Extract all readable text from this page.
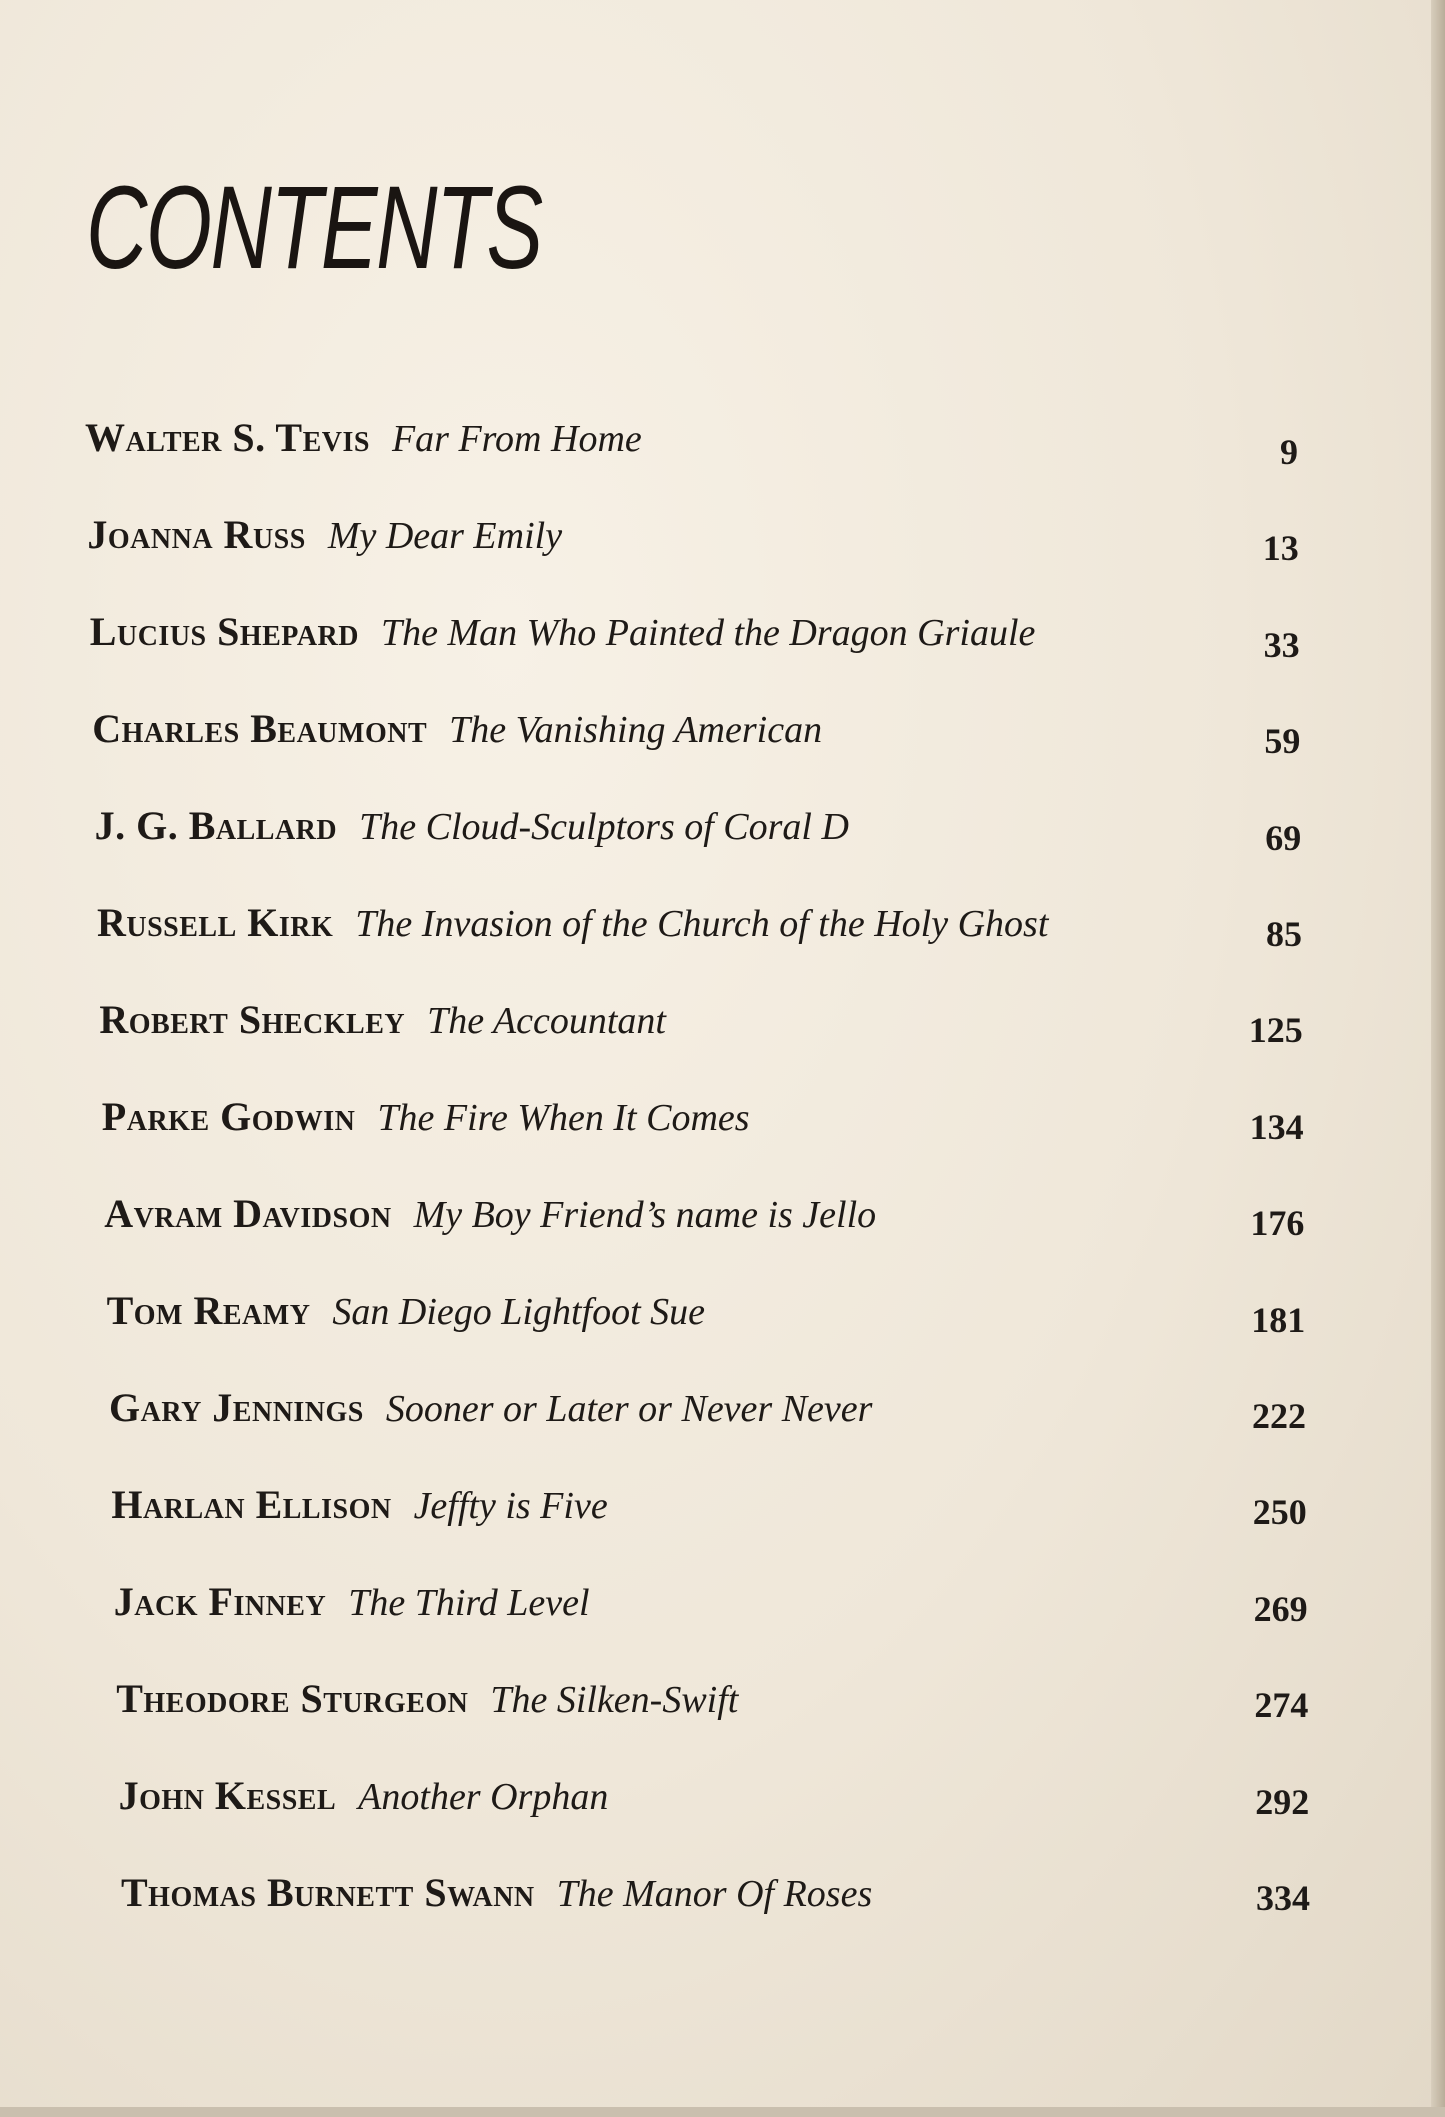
CONTENTS
Walter S. Tevis Far From Home	9
Joanna Russ My Dear Emily	13
Lucius Shepard The Man Who Painted the Dragon Griaule	33
Charles Beaumont The Vanishing American	59
J. G. Ballard The Cloud-Sculptors of Coral D	69
Russell Kirk The Invasion of the Church of the Holy Ghost	85
Robert Sheckley The Accountant	125
Parke Godwin The Fire When It Comes	134
Avram Davidson My Boy Friend’s name is Jello	176
Tom Reamy San Diego Lightfoot Sue	181
Gary Jennings Sooner or Later or Never Never	222
Harlan Ellison Jeffty is Five	250
Jack Finney The Third Level	269
Theodore Sturgeon The Silken-Swift	274
John Kessel Another Orphan	292
Thomas Burnett Swann The Manor Of Roses	334
